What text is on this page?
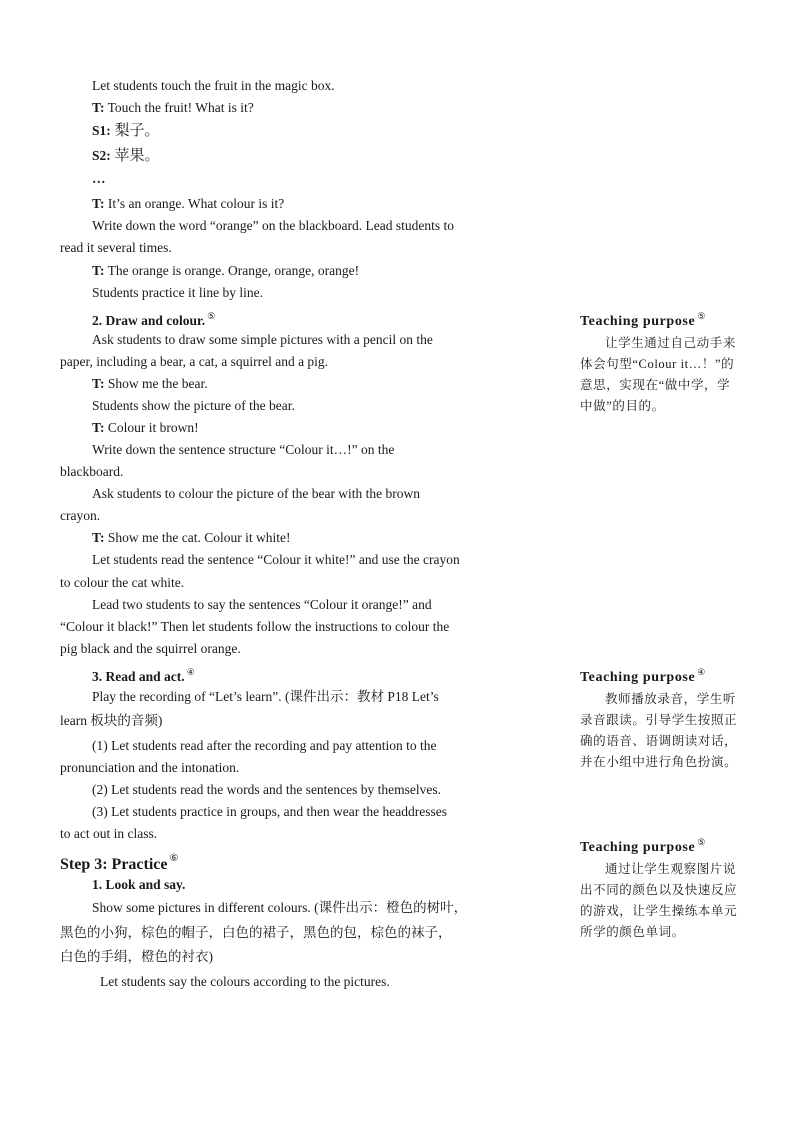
Let students touch the fruit in the magic box.
T: Touch the fruit! What is it?
S1: 梨子。
S2: 苹果。
…
T: It’s an orange. What colour is it?
Write down the word “orange” on the blackboard. Lead students to
read it several times.
T: The orange is orange. Orange, orange, orange!
Students practice it line by line.
2. Draw and colour. ⑤
Ask students to draw some simple pictures with a pencil on the
paper, including a bear, a cat, a squirrel and a pig.
T: Show me the bear.
Students show the picture of the bear.
T: Colour it brown!
Write down the sentence structure “Colour it…!” on the
blackboard.
Ask students to colour the picture of the bear with the brown
crayon.
T: Show me the cat. Colour it white!
Let students read the sentence “Colour it white!” and use the crayon
to colour the cat white.
Lead two students to say the sentences “Colour it orange!” and
“Colour it black!” Then let students follow the instructions to colour the
pig black and the squirrel orange.
3. Read and act. ④
Play the recording of “Let’s learn”. (课件出示：教材 P18 Let’s
learn 板块的音频)
(1) Let students read after the recording and pay attention to the
pronunciation and the intonation.
(2) Let students read the words and the sentences by themselves.
(3) Let students practice in groups, and then wear the headdresses
to act out in class.
Step 3: Practice ⑥
1. Look and say.
Show some pictures in different colours. (课件出示：橙色的树叶，
黑色的小狗，棕色的帽子，白色的裙子，黑色的包，棕色的袜子，
白色的手绢，橙色的衬衣)
Let students say the colours according to the pictures.
Teaching purpose ⑤
让学生通过自己动手来
体会句型“Colour it…！”的
意思，实现在“做中学，学
中做”的目的。
Teaching purpose ④
教师播放录音，学生听
录音跟读。引导学生按照正
确的语音、语调朗读对话，
并在小组中进行角色扮演。
Teaching purpose ⑤
通过让学生观察图片说
出不同的颜色以及快速反应
的游戏，让学生操练本单元
所学的颜色单词。
